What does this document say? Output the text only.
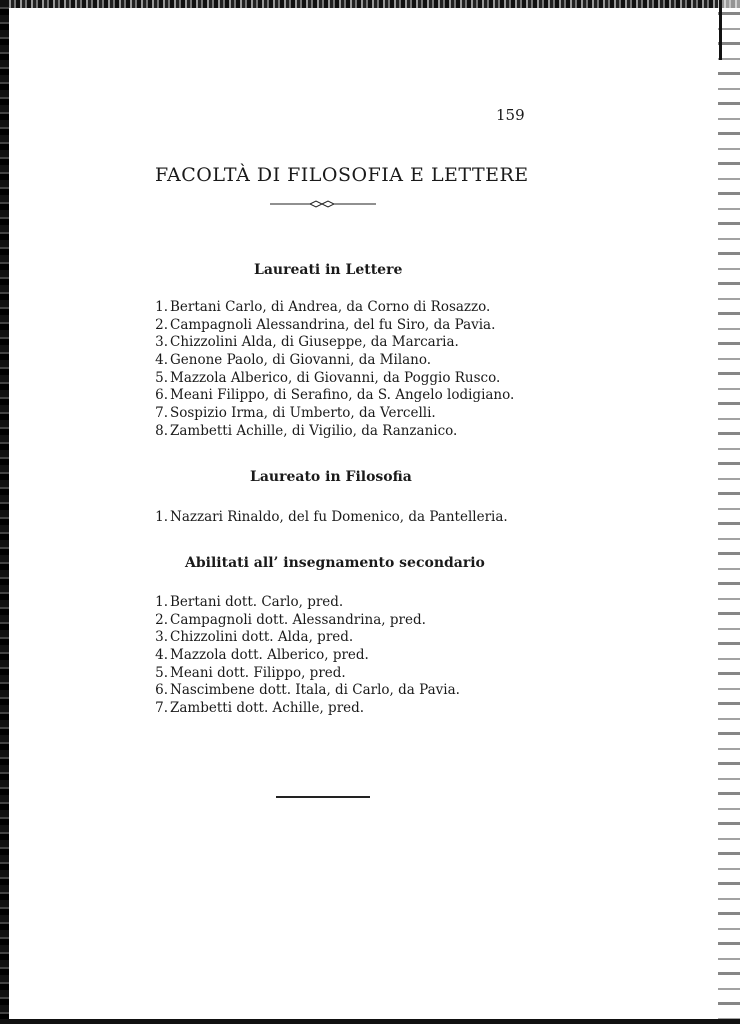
159
FACOLTÀ DI FILOSOFIA E LETTERE
Laureati in Lettere
1. Bertani Carlo, di Andrea, da Corno di Rosazzo.
2. Campagnoli Alessandrina, del fu Siro, da Pavia.
3. Chizzolini Alda, di Giuseppe, da Marcaria.
4. Genone Paolo, di Giovanni, da Milano.
5. Mazzola Alberico, di Giovanni, da Poggio Rusco.
6. Meani Filippo, di Serafino, da S. Angelo lodigiano.
7. Sospizio Irma, di Umberto, da Vercelli.
8. Zambetti Achille, di Vigilio, da Ranzanico.
Laureato in Filosofia
1. Nazzari Rinaldo, del fu Domenico, da Pantelleria.
Abilitati all’ insegnamento secondario
1. Bertani dott. Carlo, pred.
2. Campagnoli dott. Alessandrina, pred.
3. Chizzolini dott. Alda, pred.
4. Mazzola dott. Alberico, pred.
5. Meani dott. Filippo, pred.
6. Nascimbene dott. Itala, di Carlo, da Pavia.
7. Zambetti dott. Achille, pred.
